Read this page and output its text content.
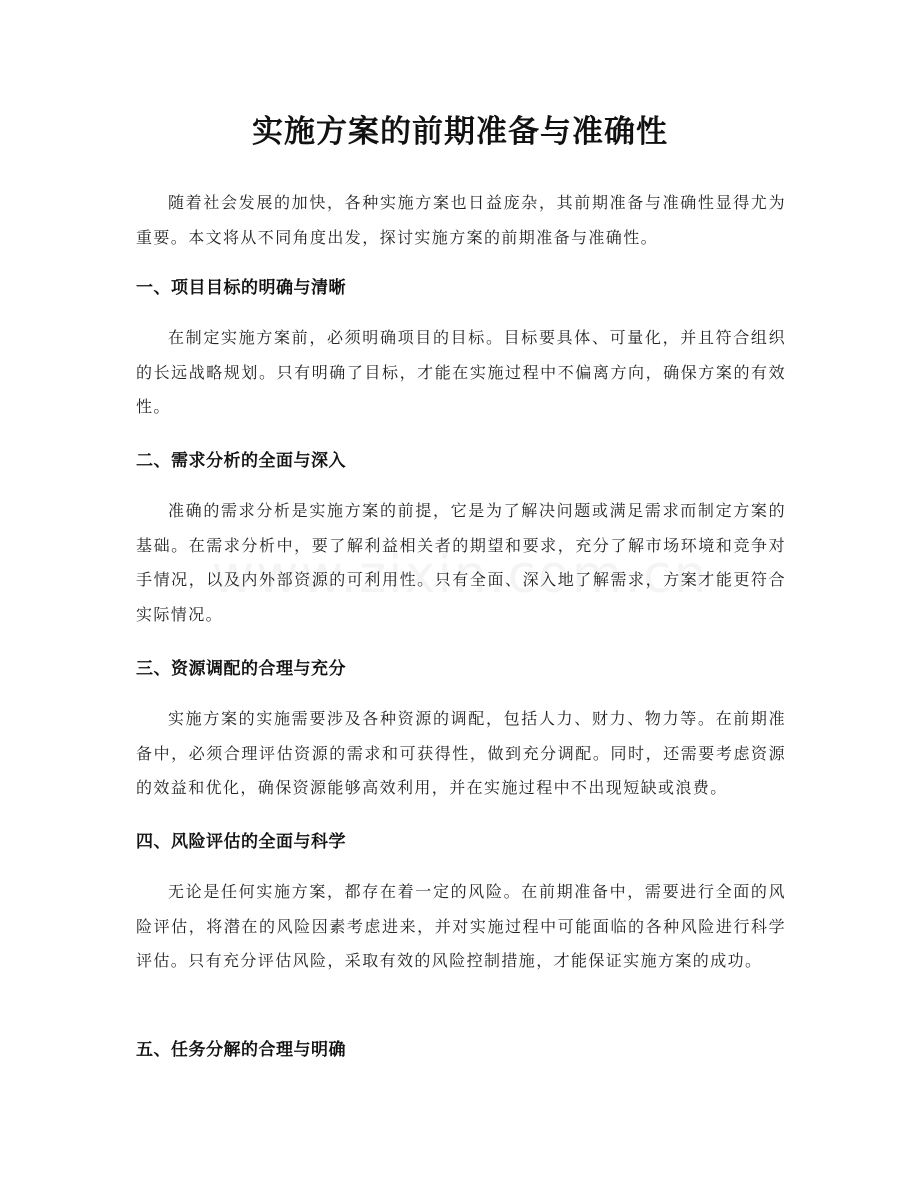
实施方案的前期准备与准确性

随着社会发展的加快，各种实施方案也日益庞杂，其前期准备与准确性显得尤为重要。本文将从不同角度出发，探讨实施方案的前期准备与准确性。

一、项目目标的明确与清晰

在制定实施方案前，必须明确项目的目标。目标要具体、可量化，并且符合组织的长远战略规划。只有明确了目标，才能在实施过程中不偏离方向，确保方案的有效性。

二、需求分析的全面与深入

准确的需求分析是实施方案的前提，它是为了解决问题或满足需求而制定方案的基础。在需求分析中，要了解利益相关者的期望和要求，充分了解市场环境和竞争对手情况，以及内外部资源的可利用性。只有全面、深入地了解需求，方案才能更符合实际情况。

三、资源调配的合理与充分

实施方案的实施需要涉及各种资源的调配，包括人力、财力、物力等。在前期准备中，必须合理评估资源的需求和可获得性，做到充分调配。同时，还需要考虑资源的效益和优化，确保资源能够高效利用，并在实施过程中不出现短缺或浪费。

四、风险评估的全面与科学

无论是任何实施方案，都存在着一定的风险。在前期准备中，需要进行全面的风险评估，将潜在的风险因素考虑进来，并对实施过程中可能面临的各种风险进行科学评估。只有充分评估风险，采取有效的风险控制措施，才能保证实施方案的成功。

五、任务分解的合理与明确
